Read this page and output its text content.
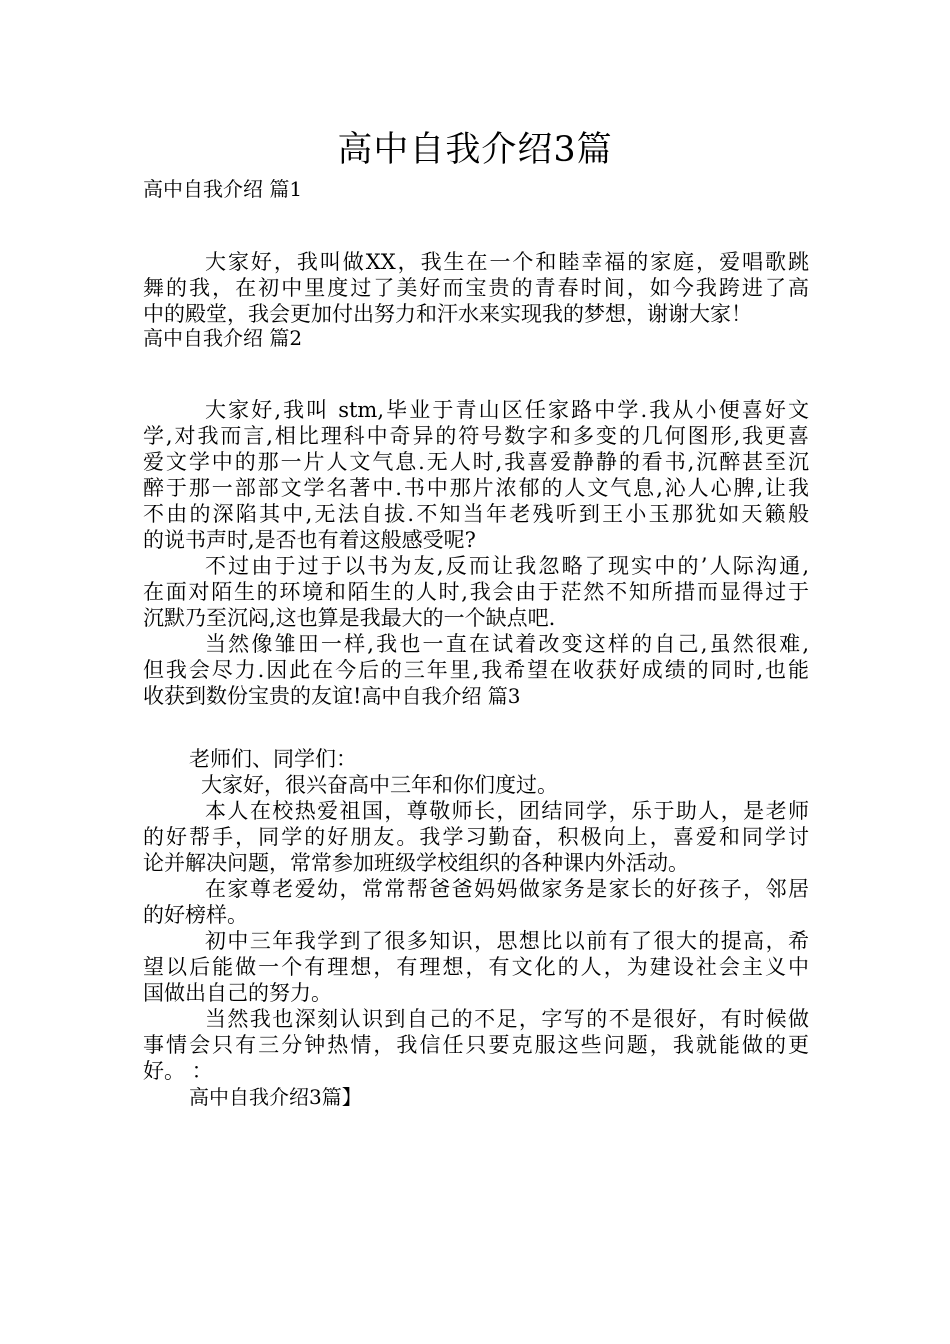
高中自我介绍3篇
高中自我介绍 篇1
大家好，我叫做XX，我生在一个和睦幸福的家庭，爱唱歌跳
舞的我，在初中里度过了美好而宝贵的青春时间，如今我跨进了高
中的殿堂，我会更加付出努力和汗水来实现我的梦想，谢谢大家！
高中自我介绍 篇2
大家好,我叫 stm,毕业于青山区任家路中学.我从小便喜好文
学,对我而言,相比理科中奇异的符号数字和多变的几何图形,我更喜
爱文学中的那一片人文气息.无人时,我喜爱静静的看书,沉醉甚至沉
醉于那一部部文学名著中.书中那片浓郁的人文气息,沁人心脾,让我
不由的深陷其中,无法自拔.不知当年老残听到王小玉那犹如天籁般
的说书声时,是否也有着这般感受呢?
不过由于过于以书为友,反而让我忽略了现实中的’人际沟通,
在面对陌生的环境和陌生的人时,我会由于茫然不知所措而显得过于
沉默乃至沉闷,这也算是我最大的一个缺点吧.
当然像雏田一样,我也一直在试着改变这样的自己,虽然很难,
但我会尽力.因此在今后的三年里,我希望在收获好成绩的同时,也能
收获到数份宝贵的友谊!高中自我介绍 篇3
老师们、同学们：
大家好，很兴奋高中三年和你们度过。
本人在校热爱祖国，尊敬师长，团结同学，乐于助人，是老师
的好帮手，同学的好朋友。我学习勤奋，积极向上，喜爱和同学讨
论并解决问题，常常参加班级学校组织的各种课内外活动。
在家尊老爱幼，常常帮爸爸妈妈做家务是家长的好孩子，邻居
的好榜样。
初中三年我学到了很多知识，思想比以前有了很大的提高，希
望以后能做一个有理想，有理想，有文化的人，为建设社会主义中
国做出自己的努力。
当然我也深刻认识到自己的不足，字写的不是很好，有时候做
事情会只有三分钟热情，我信任只要克服这些问题，我就能做的更
好。 ：
高中自我介绍3篇】
